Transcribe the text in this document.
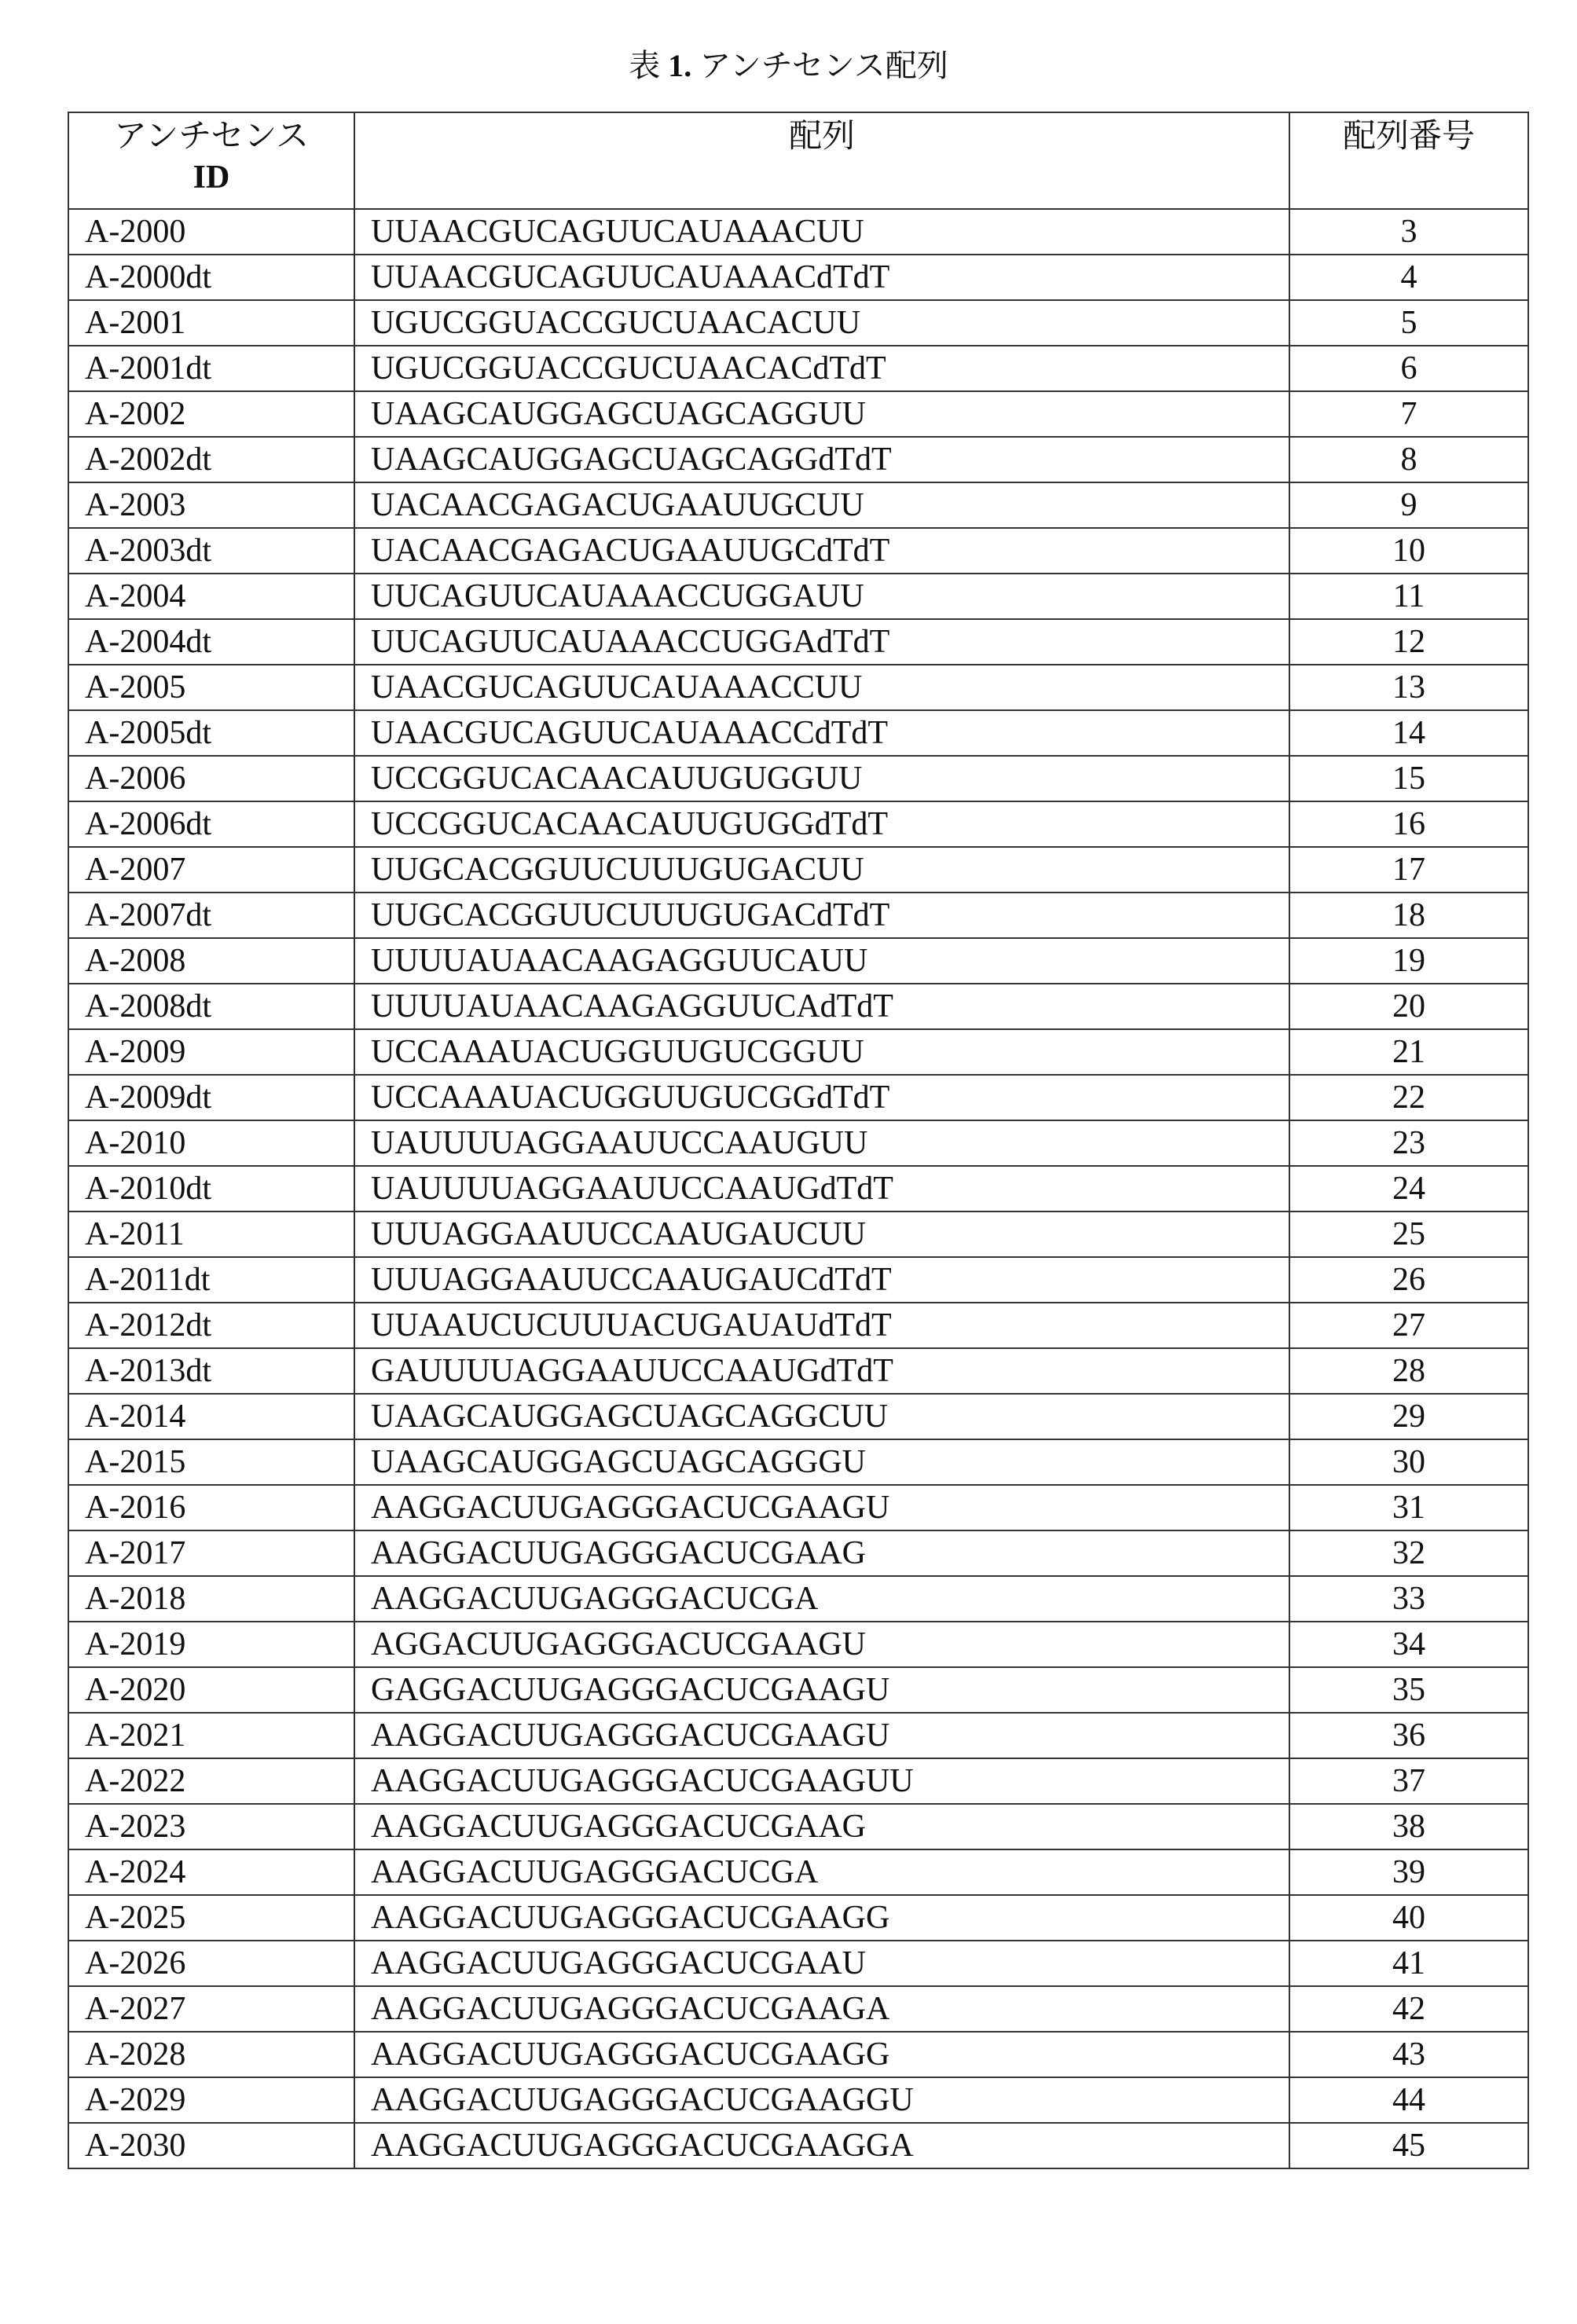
表 1. アンチセンス配列
アンチセンス
ID
	配列	配列番号
A-2000	UUAACGUCAGUUCAUAAACUU	3
A-2000dt	UUAACGUCAGUUCAUAAACdTdT	4
A-2001	UGUCGGUACCGUCUAACACUU	5
A-2001dt	UGUCGGUACCGUCUAACACdTdT	6
A-2002	UAAGCAUGGAGCUAGCAGGUU	7
A-2002dt	UAAGCAUGGAGCUAGCAGGdTdT	8
A-2003	UACAACGAGACUGAAUUGCUU	9
A-2003dt	UACAACGAGACUGAAUUGCdTdT	10
A-2004	UUCAGUUCAUAAACCUGGAUU	11
A-2004dt	UUCAGUUCAUAAACCUGGAdTdT	12
A-2005	UAACGUCAGUUCAUAAACCUU	13
A-2005dt	UAACGUCAGUUCAUAAACCdTdT	14
A-2006	UCCGGUCACAACAUUGUGGUU	15
A-2006dt	UCCGGUCACAACAUUGUGGdTdT	16
A-2007	UUGCACGGUUCUUUGUGACUU	17
A-2007dt	UUGCACGGUUCUUUGUGACdTdT	18
A-2008	UUUUAUAACAAGAGGUUCAUU	19
A-2008dt	UUUUAUAACAAGAGGUUCAdTdT	20
A-2009	UCCAAAUACUGGUUGUCGGUU	21
A-2009dt	UCCAAAUACUGGUUGUCGGdTdT	22
A-2010	UAUUUUAGGAAUUCCAAUGUU	23
A-2010dt	UAUUUUAGGAAUUCCAAUGdTdT	24
A-2011	UUUAGGAAUUCCAAUGAUCUU	25
A-2011dt	UUUAGGAAUUCCAAUGAUCdTdT	26
A-2012dt	UUAAUCUCUUUACUGAUAUdTdT	27
A-2013dt	GAUUUUAGGAAUUCCAAUGdTdT	28
A-2014	UAAGCAUGGAGCUAGCAGGCUU	29
A-2015	UAAGCAUGGAGCUAGCAGGGU	30
A-2016	AAGGACUUGAGGGACUCGAAGU	31
A-2017	AAGGACUUGAGGGACUCGAAG	32
A-2018	AAGGACUUGAGGGACUCGA	33
A-2019	AGGACUUGAGGGACUCGAAGU	34
A-2020	GAGGACUUGAGGGACUCGAAGU	35
A-2021	AAGGACUUGAGGGACUCGAAGU	36
A-2022	AAGGACUUGAGGGACUCGAAGUU	37
A-2023	AAGGACUUGAGGGACUCGAAG	38
A-2024	AAGGACUUGAGGGACUCGA	39
A-2025	AAGGACUUGAGGGACUCGAAGG	40
A-2026	AAGGACUUGAGGGACUCGAAU	41
A-2027	AAGGACUUGAGGGACUCGAAGA	42
A-2028	AAGGACUUGAGGGACUCGAAGG	43
A-2029	AAGGACUUGAGGGACUCGAAGGU	44
A-2030	AAGGACUUGAGGGACUCGAAGGA	45
